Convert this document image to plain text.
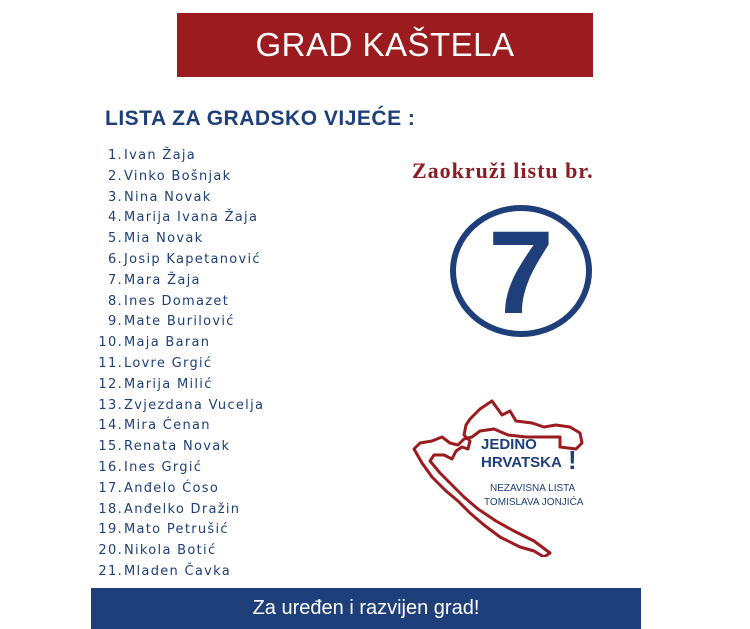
GRAD KAŠTELA
LISTA ZA GRADSKO VIJEĆE :
1.Ivan Žaja
2.Vinko Bošnjak
3.Nina Novak
4.Marija Ivana Žaja
5.Mia Novak
6.Josip Kapetanović
7.Mara Žaja
8.Ines Domazet
9.Mate Burilović
10.Maja Baran
11.Lovre Grgić
12.Marija Milić
13.Zvjezdana Vucelja
14.Mira Ćenan
15.Renata Novak
16.Ines Grgić
17.Anđelo Ćoso
18.Anđelko Dražin
19.Mato Petrušić
20.Nikola Botić
21.Mladen Čavka
Zaokruži listu br.
7
JEDINO
HRVATSKA !
NEZAVISNA LISTA
TOMISLAVA JONJIĆA
Za uređen i razvijen grad!
